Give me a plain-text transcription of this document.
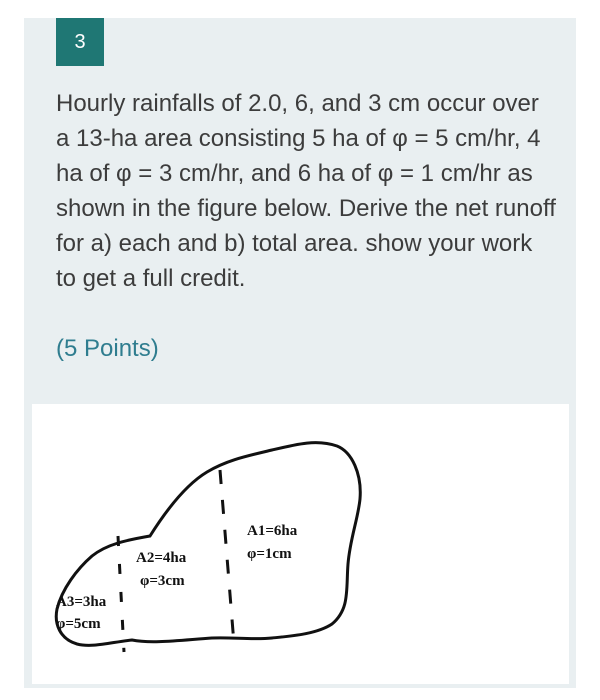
3

Hourly rainfalls of 2.0, 6, and 3 cm occur over a 13-ha area consisting 5 ha of φ = 5 cm/hr, 4 ha of φ = 3 cm/hr, and 6 ha of φ = 1 cm/hr as shown in the figure below. Derive the net runoff for a) each and b) total area. show your work to get a full credit.

(5 Points)
A1=6ha
φ=1cm
A2=4ha
φ=3cm
A3=3ha
φ=5cm
